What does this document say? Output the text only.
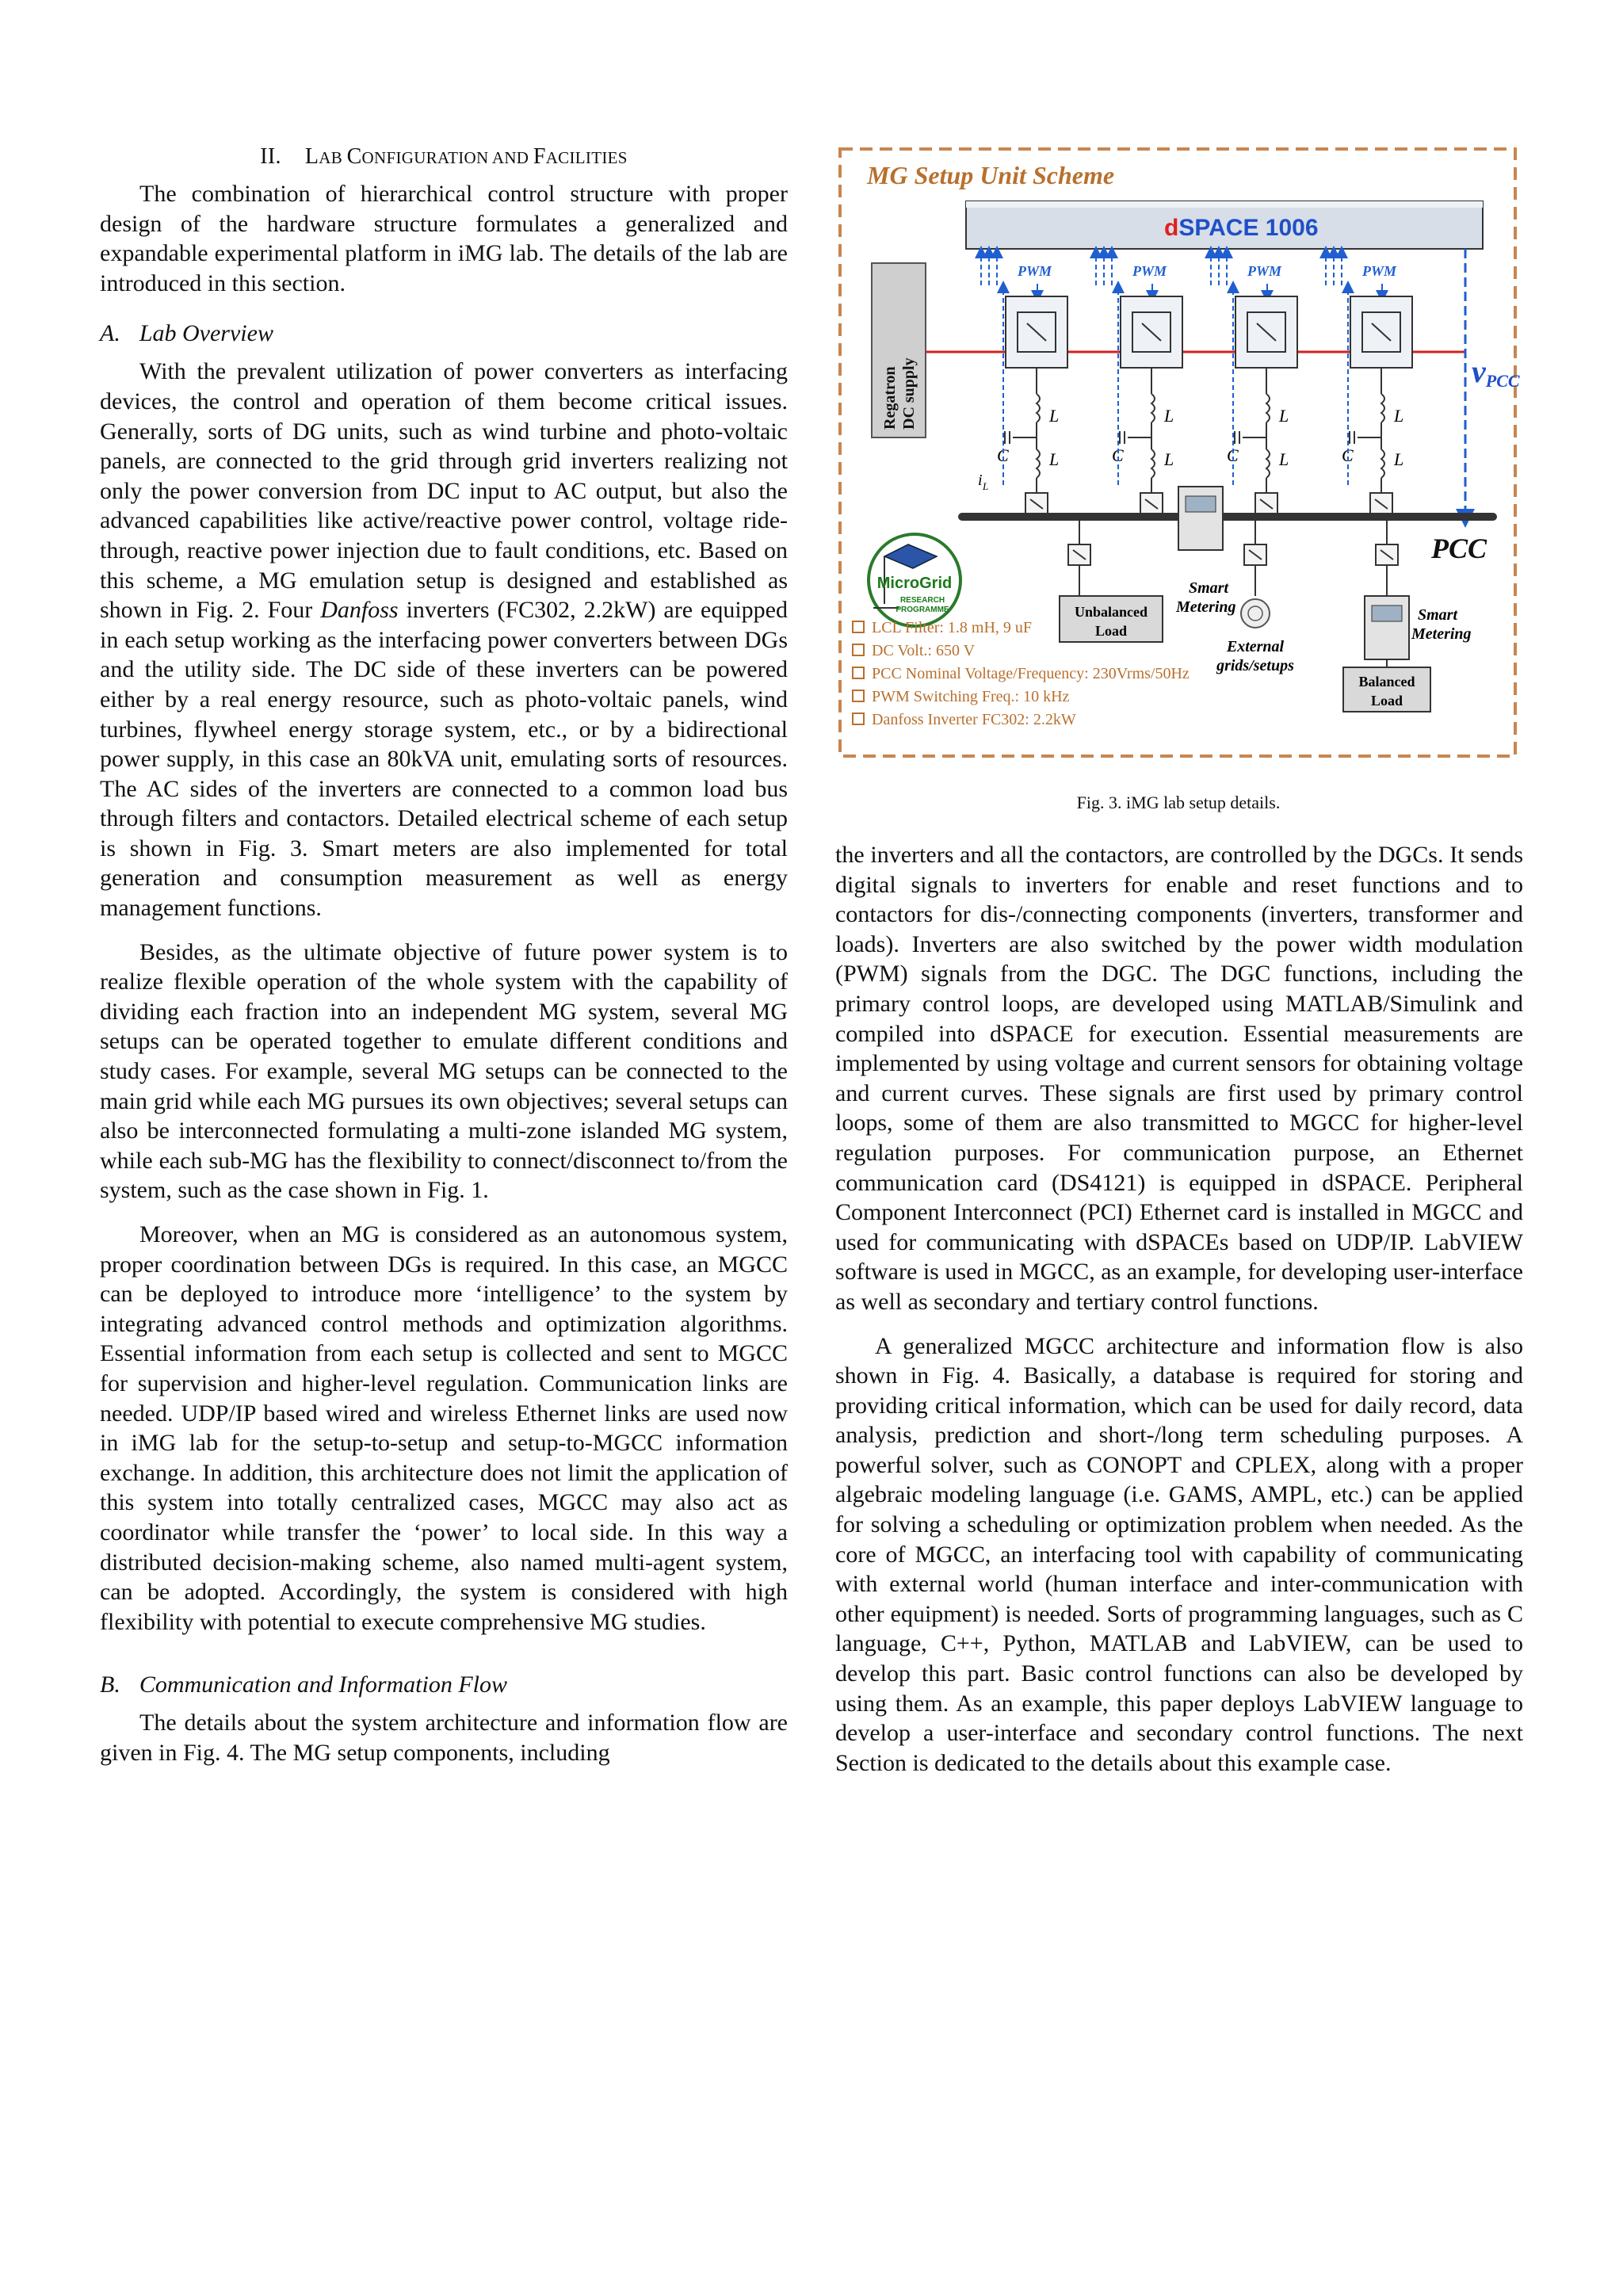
II. LAB CONFIGURATION AND FACILITIES

The combination of hierarchical control structure with proper design of the hardware structure formulates a generalized and expandable experimental platform in iMG lab. The details of the lab are introduced in this section.

A. Lab Overview

With the prevalent utilization of power converters as interfacing devices, the control and operation of them become critical issues. Generally, sorts of DG units, such as wind turbine and photo-voltaic panels, are connected to the grid through grid inverters realizing not only the power conversion from DC input to AC output, but also the advanced capabilities like active/reactive power control, voltage ride-through, reactive power injection due to fault conditions, etc. Based on this scheme, a MG emulation setup is designed and established as shown in Fig. 2. Four Danfoss inverters (FC302, 2.2kW) are equipped in each setup working as the interfacing power converters between DGs and the utility side. The DC side of these inverters can be powered either by a real energy resource, such as photo-voltaic panels, wind turbines, flywheel energy storage system, etc., or by a bidirectional power supply, in this case an 80kVA unit, emulating sorts of resources. The AC sides of the inverters are connected to a common load bus through filters and contactors. Detailed electrical scheme of each setup is shown in Fig. 3. Smart meters are also implemented for total generation and consumption measurement as well as energy management functions.

Besides, as the ultimate objective of future power system is to realize flexible operation of the whole system with the capability of dividing each fraction into an independent MG system, several MG setups can be operated together to emulate different conditions and study cases. For example, several MG setups can be connected to the main grid while each MG pursues its own objectives; several setups can also be interconnected formulating a multi-zone islanded MG system, while each sub-MG has the flexibility to connect/disconnect to/from the system, such as the case shown in Fig. 1.

Moreover, when an MG is considered as an autonomous system, proper coordination between DGs is required. In this case, an MGCC can be deployed to introduce more ‘intelligence’ to the system by integrating advanced control methods and optimization algorithms. Essential information from each setup is collected and sent to MGCC for supervision and higher-level regulation. Communication links are needed. UDP/IP based wired and wireless Ethernet links are used now in iMG lab for the setup-to-setup and setup-to-MGCC information exchange. In addition, this architecture does not limit the application of this system into totally centralized cases, MGCC may also act as coordinator while transfer the ‘power’ to local side. In this way a distributed decision-making scheme, also named multi-agent system, can be adopted. Accordingly, the system is considered with high flexibility with potential to execute comprehensive MG studies.

B. Communication and Information Flow

The details about the system architecture and information flow are given in Fig. 4. The MG setup components, including

MG Setup Unit Scheme
dSPACE 1006
Regatron DC supply
PWM
L
L
C
i L
PWM
L
L
C
PWM
L
L
C
PWM
L
L
C
vPCC
PCC
Smart
Metering
Unbalanced
Load
External
grids/setups
Smart
Metering
Balanced
Load
MicroGrid
RESEARCH
PROGRAMME
LCL Filter: 1.8 mH, 9 uF
DC Volt.: 650 V
PCC Nominal Voltage/Frequency: 230Vrms/50Hz
PWM Switching Freq.: 10 kHz
Danfoss Inverter FC302: 2.2kW
Fig. 3. iMG lab setup details.

the inverters and all the contactors, are controlled by the DGCs. It sends digital signals to inverters for enable and reset functions and to contactors for dis-/connecting components (inverters, transformer and loads). Inverters are also switched by the power width modulation (PWM) signals from the DGC. The DGC functions, including the primary control loops, are developed using MATLAB/Simulink and compiled into dSPACE for execution. Essential measurements are implemented by using voltage and current sensors for obtaining voltage and current curves. These signals are first used by primary control loops, some of them are also transmitted to MGCC for higher-level regulation purposes. For communication purpose, an Ethernet communication card (DS4121) is equipped in dSPACE. Peripheral Component Interconnect (PCI) Ethernet card is installed in MGCC and used for communicating with dSPACEs based on UDP/IP. LabVIEW software is used in MGCC, as an example, for developing user-interface as well as secondary and tertiary control functions.

A generalized MGCC architecture and information flow is also shown in Fig. 4. Basically, a database is required for storing and providing critical information, which can be used for daily record, data analysis, prediction and short-/long term scheduling purposes. A powerful solver, such as CONOPT and CPLEX, along with a proper algebraic modeling language (i.e. GAMS, AMPL, etc.) can be applied for solving a scheduling or optimization problem when needed. As the core of MGCC, an interfacing tool with capability of communicating with external world (human interface and inter-communication with other equipment) is needed. Sorts of programming languages, such as C language, C++, Python, MATLAB and LabVIEW, can be used to develop this part. Basic control functions can also be developed by using them. As an example, this paper deploys LabVIEW language to develop a user-interface and secondary control functions. The next Section is dedicated to the details about this example case.
